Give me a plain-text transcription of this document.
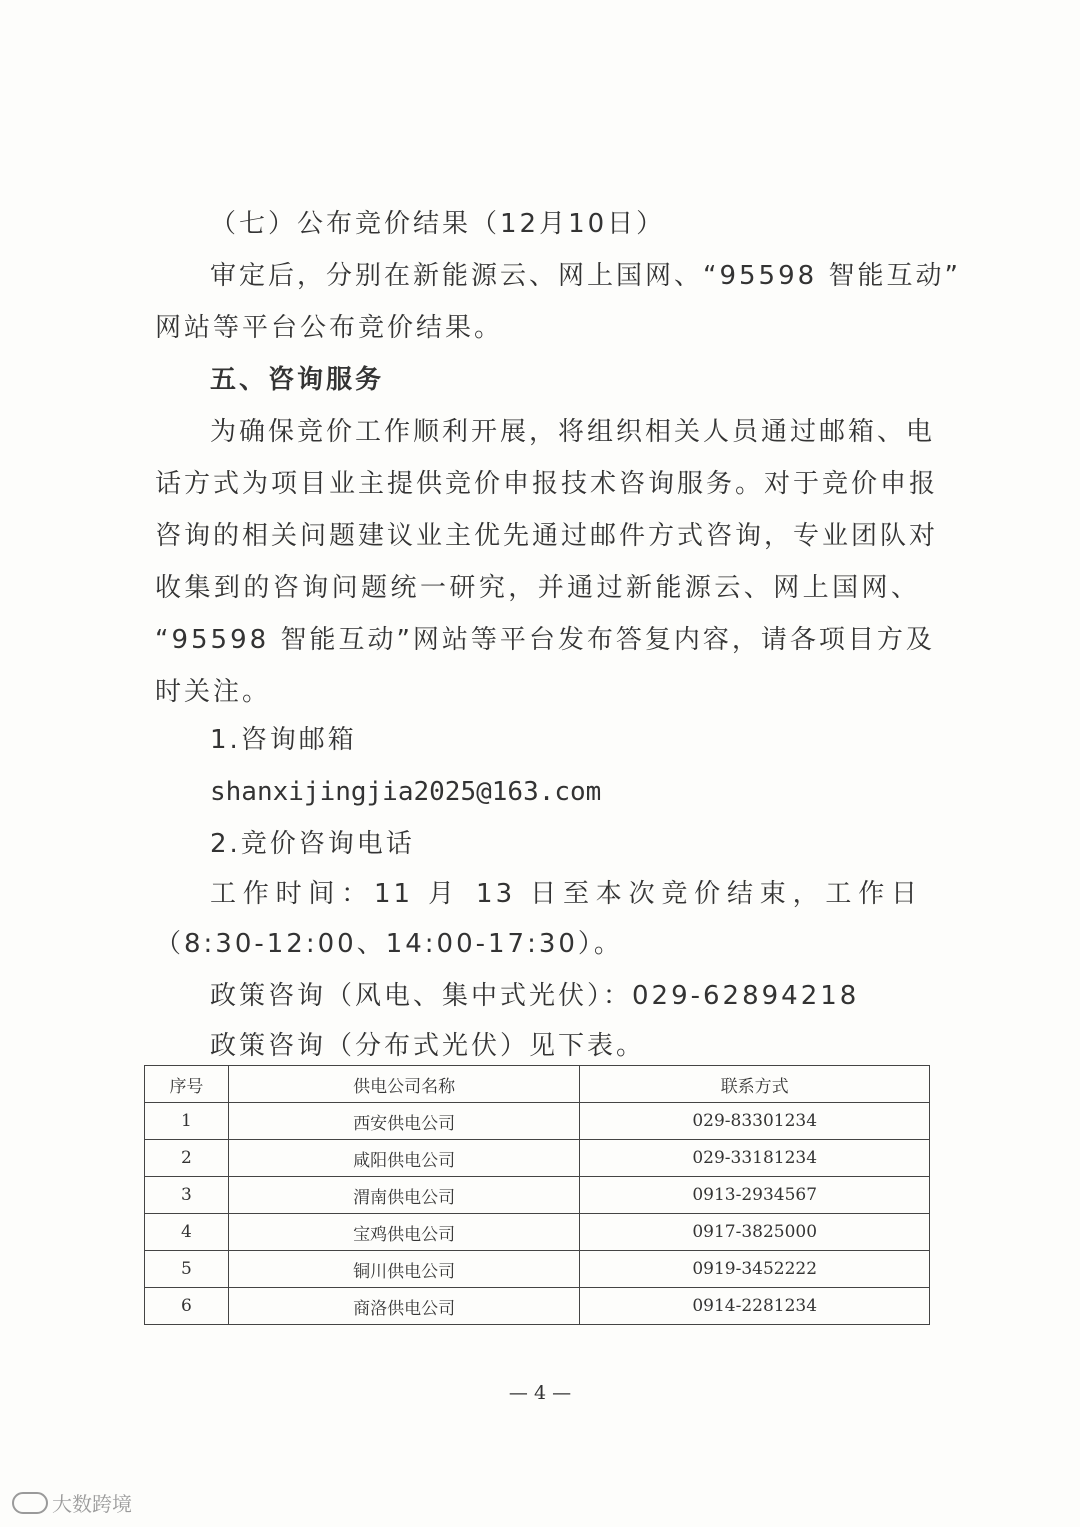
（七）公布竞价结果（12月10日）

审定后，分别在新能源云、网上国网、“95598 智能互动”

网站等平台公布竞价结果。

五、咨询服务

为确保竞价工作顺利开展，将组织相关人员通过邮箱、电

话方式为项目业主提供竞价申报技术咨询服务。对于竞价申报

咨询的相关问题建议业主优先通过邮件方式咨询，专业团队对

收集到的咨询问题统一研究，并通过新能源云、网上国网、

“95598 智能互动”网站等平台发布答复内容，请各项目方及

时关注。

1.咨询邮箱

shanxijingjia2025@163.com

2.竞价咨询电话

工作时间：11 月 13 日至本次竞价结束，工作日

（8:30-12:00、14:00-17:30）。

政策咨询（风电、集中式光伏）：029-62894218

政策咨询（分布式光伏）见下表。

序号	供电公司名称	联系方式
1	西安供电公司	029-83301234
2	咸阳供电公司	029-33181234
3	渭南供电公司	0913-2934567
4	宝鸡供电公司	0917-3825000
5	铜川供电公司	0919-3452222
6	商洛供电公司	0914-2281234
— 4 —
大数跨境
